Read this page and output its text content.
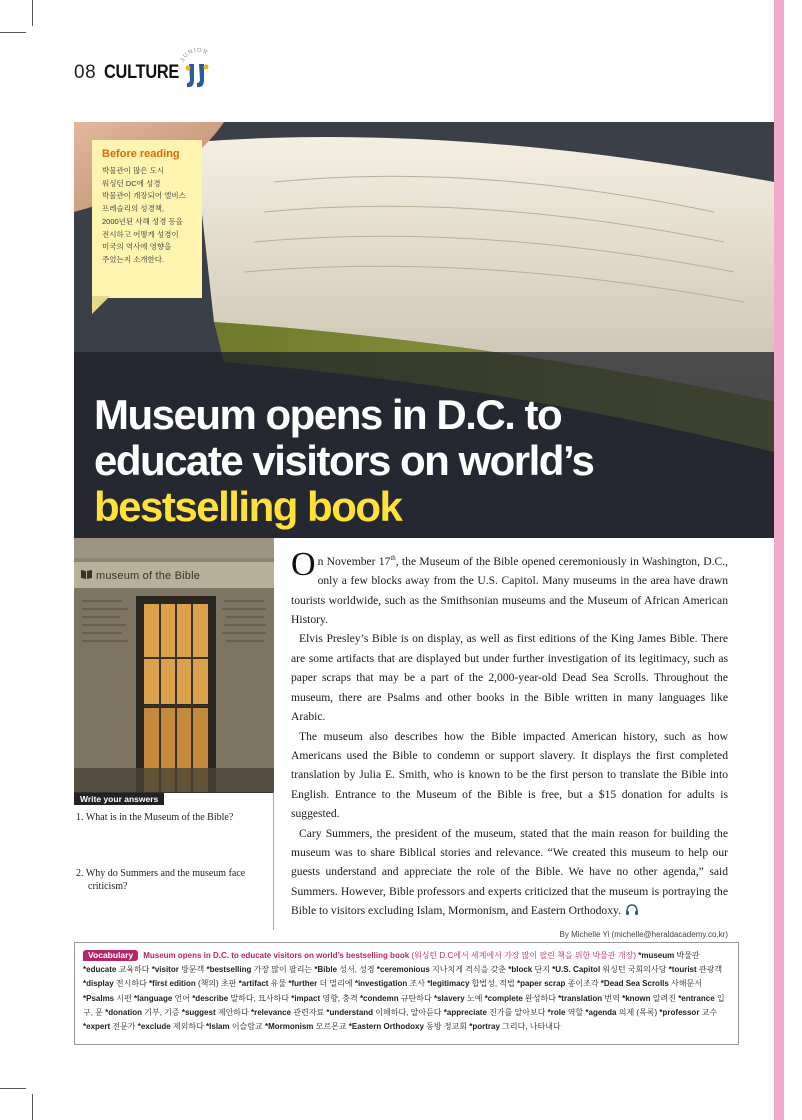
08 CULTURE
JUNIOR
Museum opens in D.C. to
educate visitors on world’s
bestselling book
Before reading
박물관이 많은 도시
워싱턴 DC에 성경
박물관이 개장되어 엘비스
프레슬리의 성경책,
2000년된 사해 성경 등을
전시하고 어떻게 성경이
미국의 역사에 영향을
주었는지 소개한다.
museum of the Bible
Write your answers
1. What is in the Museum of the Bible?
2. Why do Summers and the museum face criticism?

On November 17th, the Museum of the Bible opened ceremoniously in Washington, D.C., only a few blocks away from the U.S. Capitol. Many museums in the area have drawn tourists worldwide, such as the Smithsonian museums and the Museum of African American History.

Elvis Presley’s Bible is on display, as well as first editions of the King James Bible. There are some artifacts that are displayed but under further investigation of its legitimacy, such as paper scraps that may be a part of the 2,000-year-old Dead Sea Scrolls. Throughout the museum, there are Psalms and other books in the Bible written in many languages like Arabic.

The museum also describes how the Bible impacted American history, such as how Americans used the Bible to condemn or support slavery. It displays the first completed translation by Julia E. Smith, who is known to be the first person to translate the Bible into English. Entrance to the Museum of the Bible is free, but a $15 donation for adults is suggested.

Cary Summers, the president of the museum, stated that the main reason for building the museum was to share Biblical stories and relevance. “We created this museum to help our guests understand and appreciate the role of the Bible. We have no other agenda,” said Summers. However, Bible professors and experts criticized that the museum is portraying the Bible to visitors excluding Islam, Mormonism, and Eastern Orthodoxy.
By Michelle Yi (michelle@heraldacademy.co.kr)

Vocabulary Museum opens in D.C. to educate visitors on world’s bestselling book (워싱턴 D.C에서 세계에서 가장 많이 팔린 책을 위한 박물관 개장) *museum 박물관 *educate 교육하다 *visitor 방문객 *bestselling 가장 많이 팔리는 *Bible 성서, 성경 *ceremonious 지나치게 격식을 갖춘 *block 단지 *U.S. Capitol 워싱턴 국회의사당 *tourist 관광객 *display 전시하다 *first edition (책의) 초판 *artifact 유물 *further 더 멀리에 *investigation 조사 *legitimacy 합법성, 적법 *paper scrap 종이조각 *Dead Sea Scrolls 사해문서 *Psalms 시편 *language 언어 *describe 말하다, 묘사하다 *impact 영향, 충격 *condemn 규탄하다 *slavery 노예 *complete 완성하다 *translation 번역 *known 알려진 *entrance 입구, 문 *donation 기부, 기증 *suggest 제안하다 *relevance 관련자료 *understand 이해하다, 알아듣다 *appreciate 진가를 알아보다 *role 역할 *agenda 의제 (목록) *professor 교수 *expert 전문가 *exclude 제외하다 *Islam 이슬람교 *Mormonism 모르몬교 *Eastern Orthodoxy 동방 정교회 *portray 그리다, 나타내다
